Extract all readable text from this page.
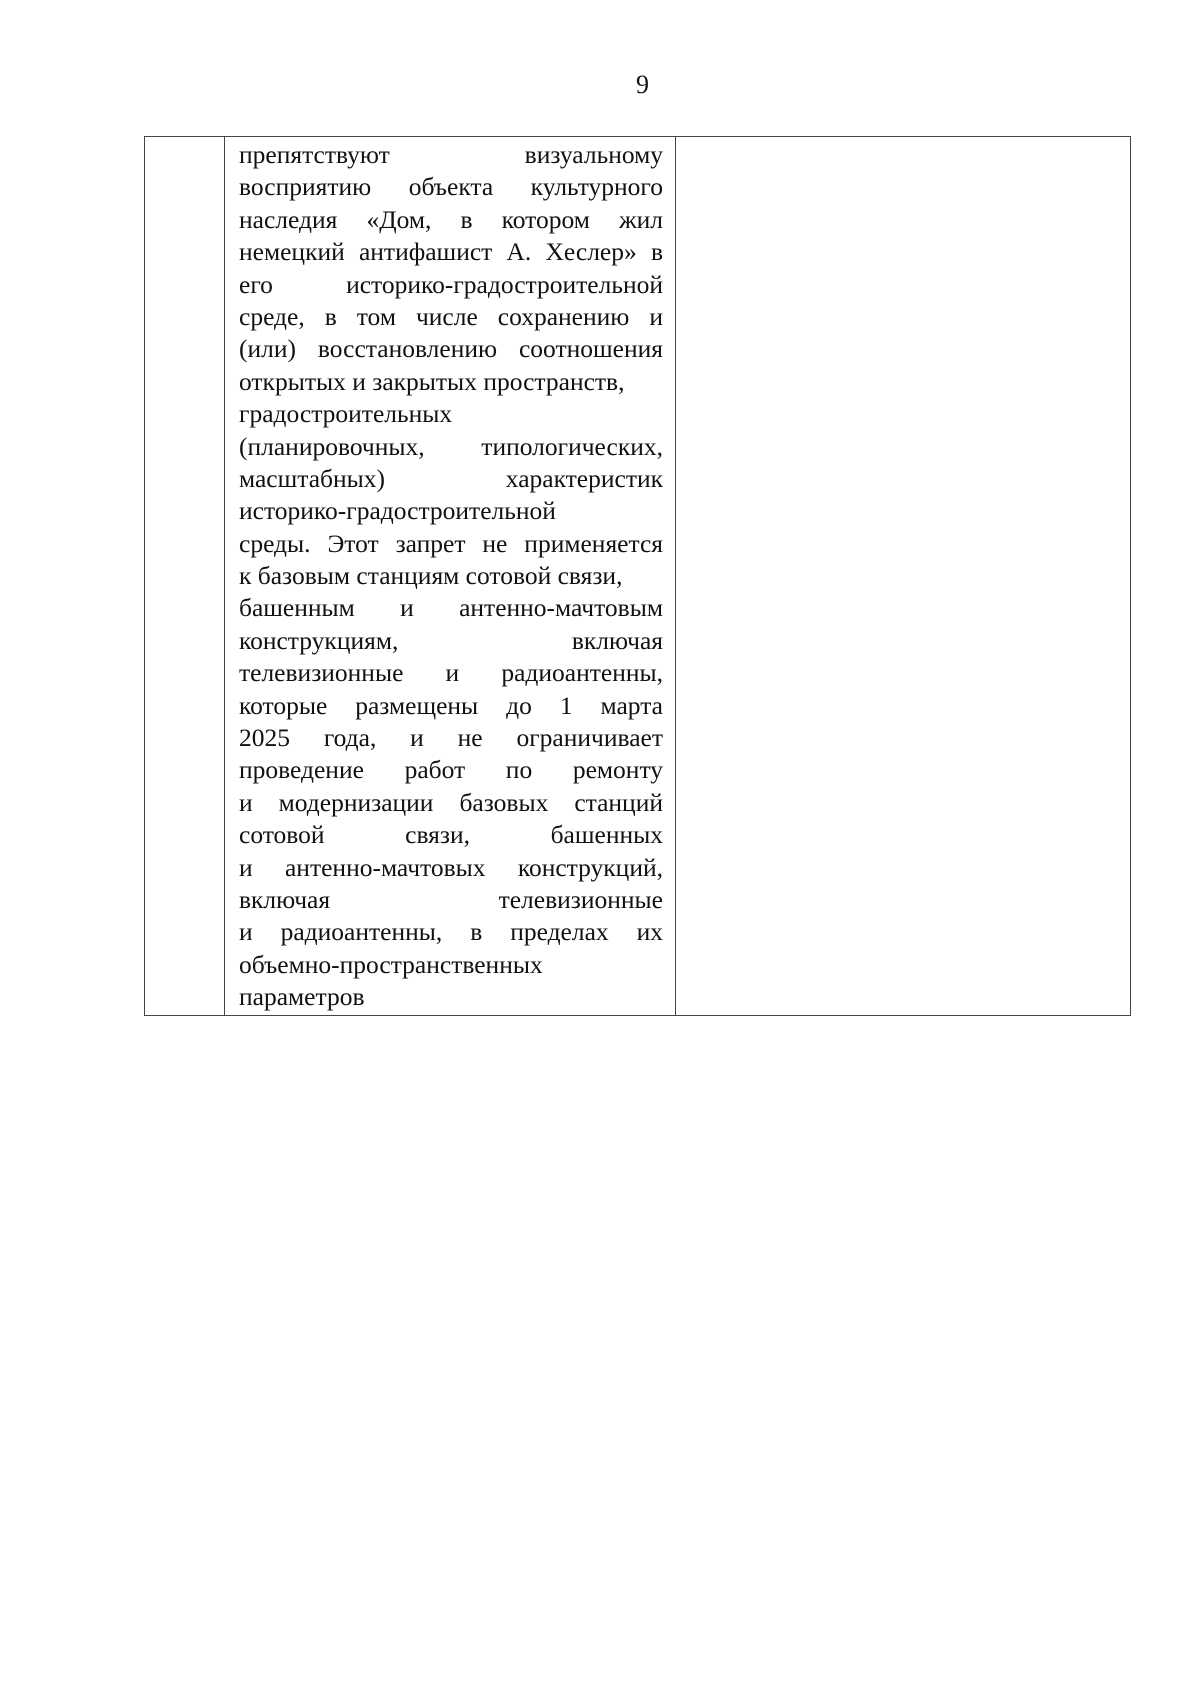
9

препятствуют визуальному
восприятию объекта культурного
наследия «Дом, в котором жил
немецкий антифашист А. Хеслер» в
его историко-градостроительной
среде, в том числе сохранению и
(или) восстановлению соотношения
открытых и закрытых пространств,
градостроительных
(планировочных, типологических,
масштабных) характеристик
историко-градостроительной
среды. Этот запрет не применяется
к базовым станциям сотовой связи,
башенным и антенно-мачтовым
конструкциям, включая
телевизионные и радиоантенны,
которые размещены до 1 марта
2025 года, и не ограничивает
проведение работ по ремонту
и модернизации базовых станций
сотовой связи, башенных
и антенно-мачтовых конструкций,
включая телевизионные
и радиоантенны, в пределах их
объемно-пространственных
параметров
